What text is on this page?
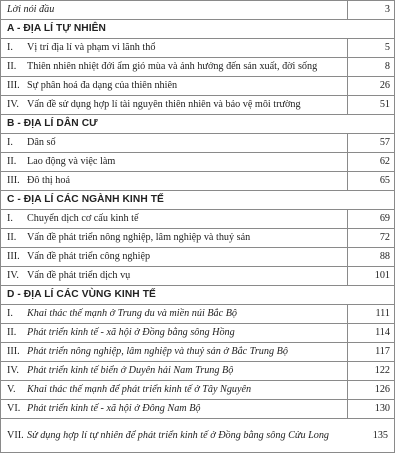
Lời nói đầu	3
A - ĐỊA LÍ TỰ NHIÊN	
I. Vị trí địa lí và phạm vi lãnh thổ	5
II. Thiên nhiên nhiệt đới ẩm gió mùa và ảnh hưởng đến sản xuất, đời sống	8
III. Sự phân hoá đa dạng của thiên nhiên	26
IV. Vấn đề sử dụng hợp lí tài nguyên thiên nhiên và bảo vệ môi trường	51
B - ĐỊA LÍ DÂN CƯ	
I. Dân số	57
II. Lao động và việc làm	62
III. Đô thị hoá	65
C - ĐỊA LÍ CÁC NGÀNH KINH TẾ	
I. Chuyển dịch cơ cấu kinh tế	69
II. Vấn đề phát triển nông nghiệp, lâm nghiệp và thuỷ sản	72
III. Vấn đề phát triển công nghiệp	88
IV. Vấn đề phát triển dịch vụ	101
D - ĐỊA LÍ CÁC VÙNG KINH TẾ	
I. Khai thác thế mạnh ở Trung du và miền núi Bắc Bộ	111
II. Phát triển kinh tế - xã hội ở Đồng bằng sông Hồng	114
III. Phát triển nông nghiệp, lâm nghiệp và thuỷ sản ở Bắc Trung Bộ	117
IV. Phát triển kinh tế biển ở Duyên hải Nam Trung Bộ	122
V. Khai thác thế mạnh để phát triển kinh tế ở Tây Nguyên	126
VI. Phát triển kinh tế - xã hội ở Đông Nam Bộ	130
VII. Sử dụng hợp lí tự nhiên để phát triển kinh tế ở Đồng bằng sông Cửu Long 135	
